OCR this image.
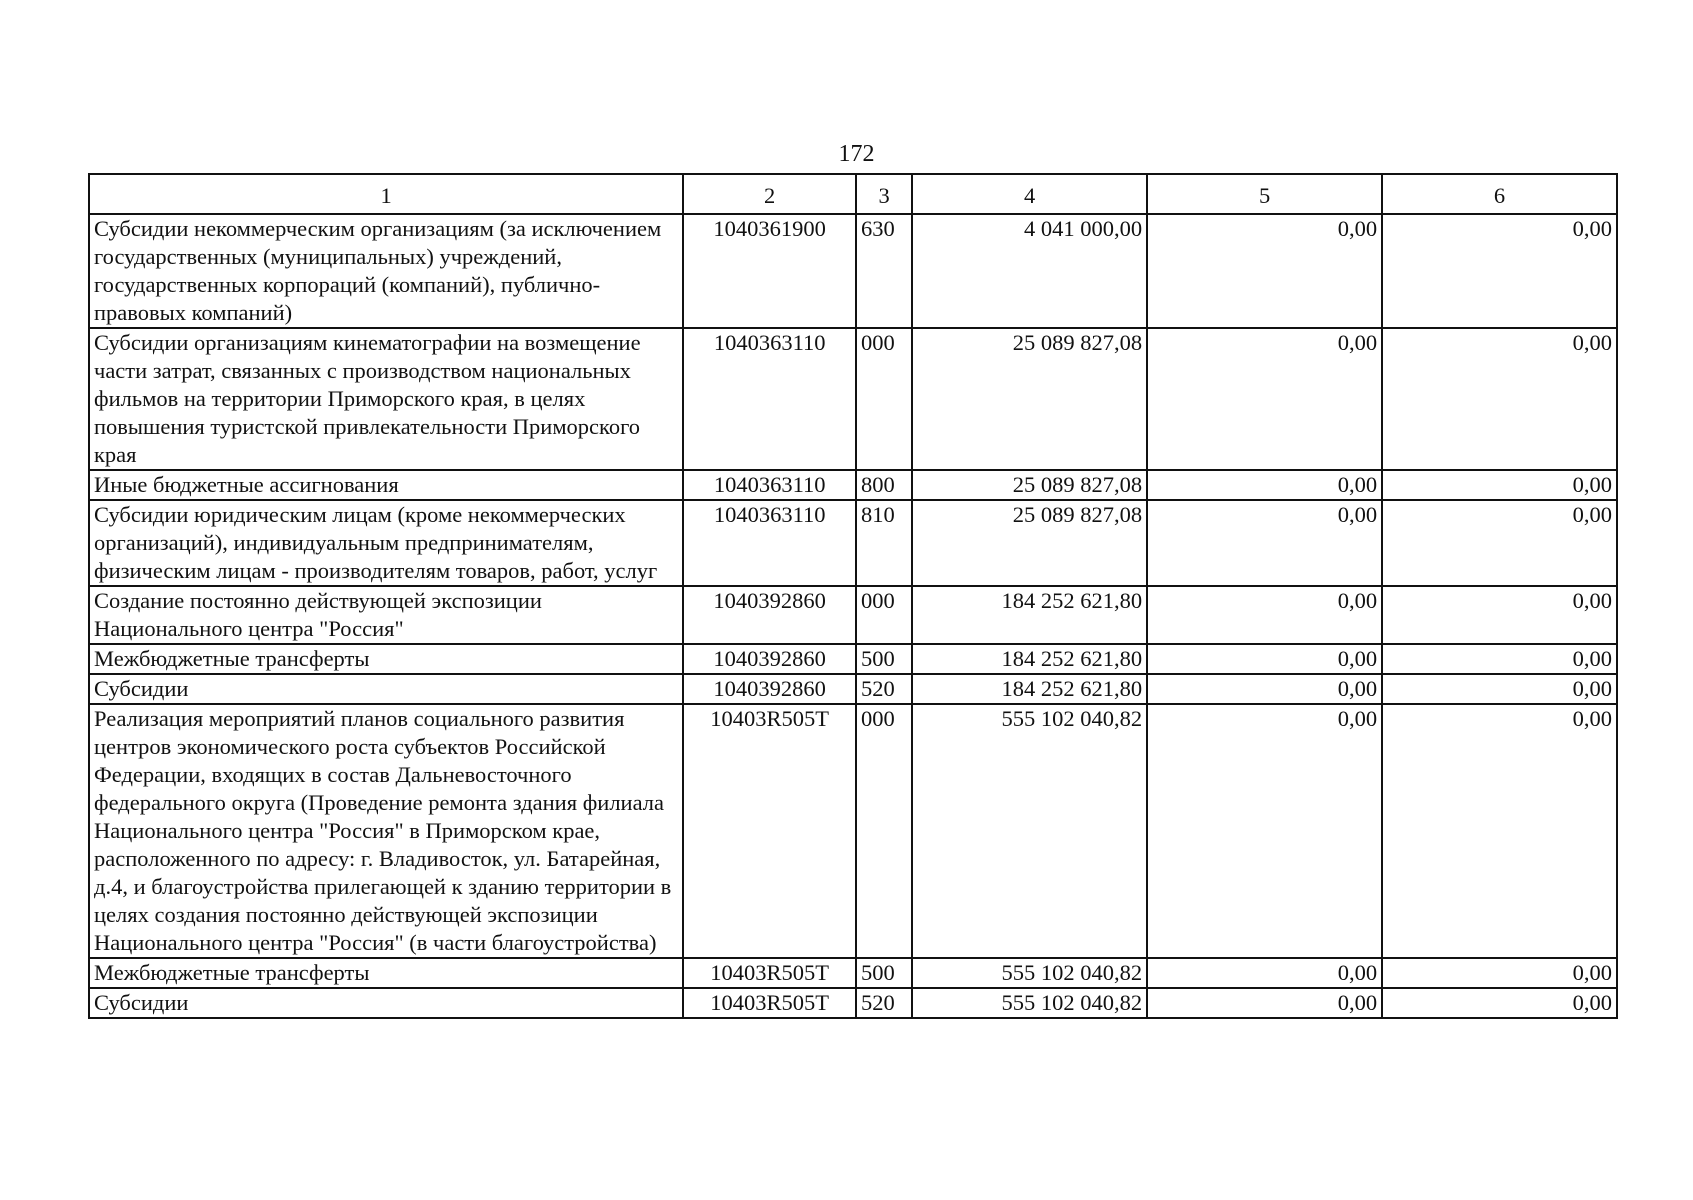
172
1	2	3	4	5	6
Субсидии некоммерческим организациям (за исключением государственных (муниципальных) учреждений, государственных корпораций (компаний), публично-правовых компаний)	1040361900	630	4 041 000,00	0,00	0,00
Субсидии организациям кинематографии на возмещение части затрат, связанных с производством национальных фильмов на территории Приморского края, в целях повышения туристской привлекательности Приморского края	1040363110	000	25 089 827,08	0,00	0,00
Иные бюджетные ассигнования	1040363110	800	25 089 827,08	0,00	0,00
Субсидии юридическим лицам (кроме некоммерческих организаций), индивидуальным предпринимателям, физическим лицам - производителям товаров, работ, услуг	1040363110	810	25 089 827,08	0,00	0,00
Создание постоянно действующей экспозиции Национального центра "Россия"	1040392860	000	184 252 621,80	0,00	0,00
Межбюджетные трансферты	1040392860	500	184 252 621,80	0,00	0,00
Субсидии	1040392860	520	184 252 621,80	0,00	0,00
Реализация мероприятий планов социального развития центров экономического роста субъектов Российской Федерации, входящих в состав Дальневосточного федерального округа (Проведение ремонта здания филиала Национального центра "Россия" в Приморском крае, расположенного по адресу: г. Владивосток, ул. Батарейная, д.4, и благоустройства прилегающей к зданию территории в целях создания постоянно действующей экспозиции Национального центра "Россия" (в части благоустройства)	10403R505T	000	555 102 040,82	0,00	0,00
Межбюджетные трансферты	10403R505T	500	555 102 040,82	0,00	0,00
Субсидии	10403R505T	520	555 102 040,82	0,00	0,00
